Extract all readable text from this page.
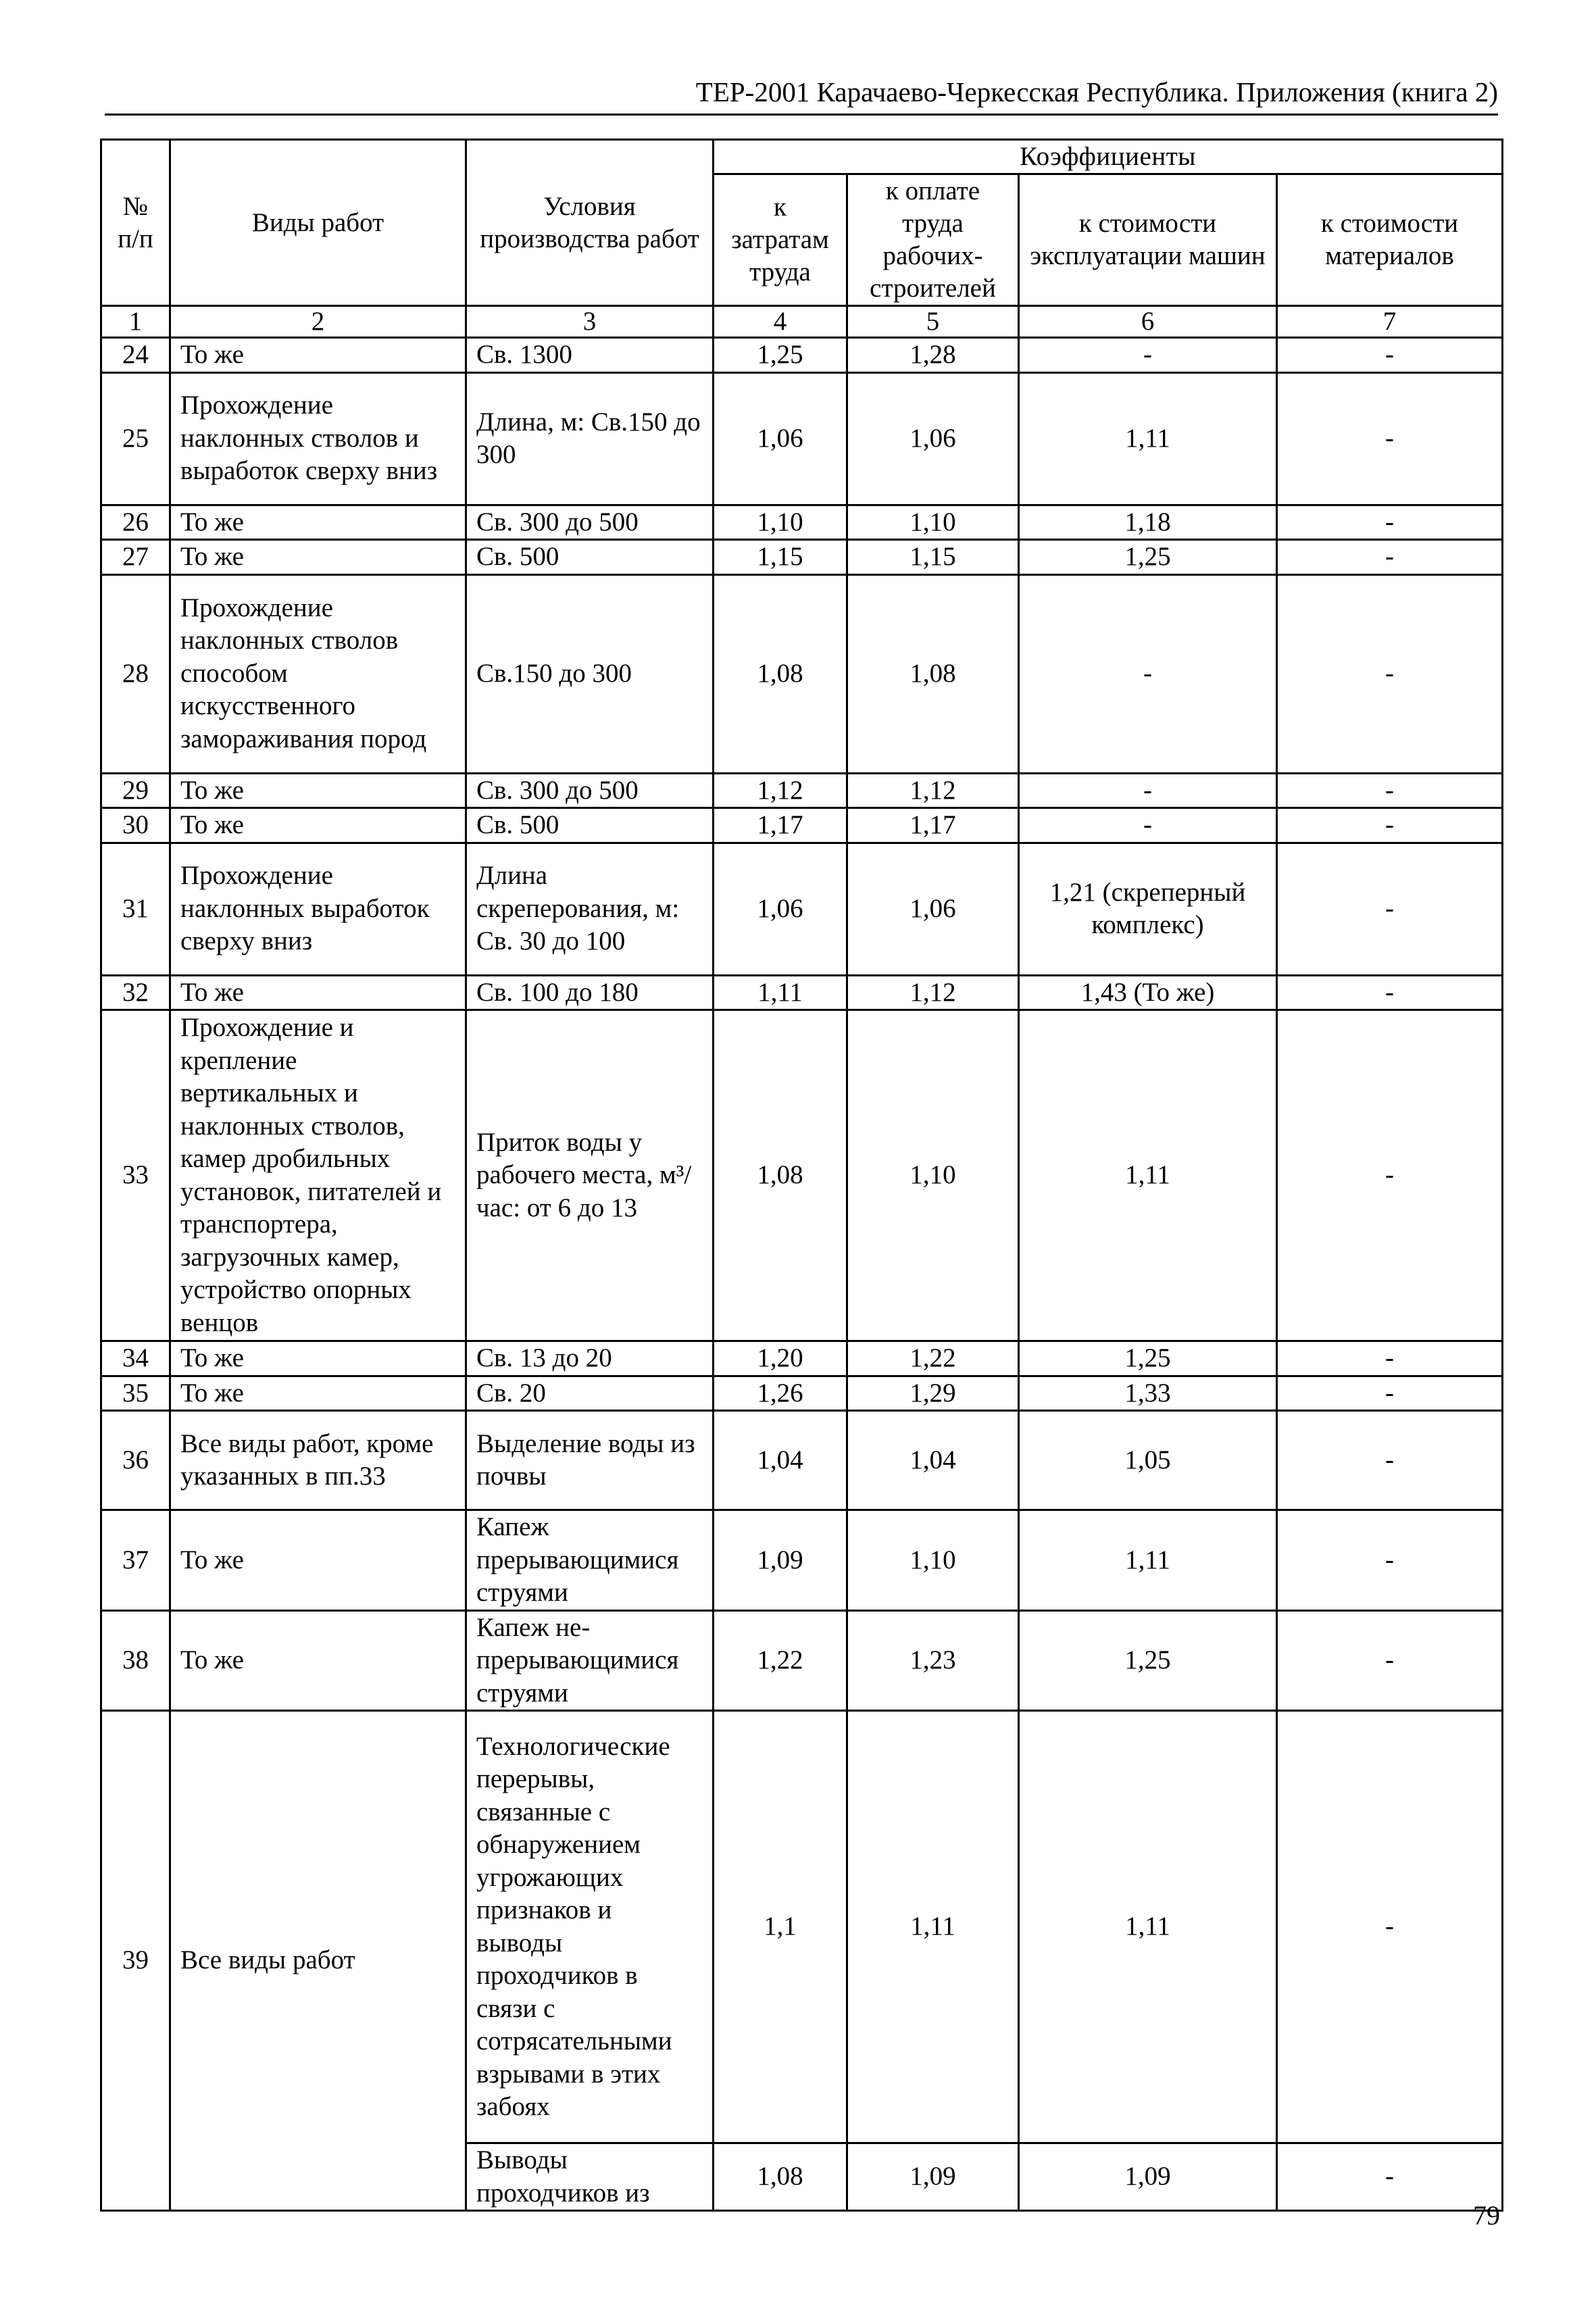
ТЕР-2001 Карачаево-Черкесская Республика. Приложения (книга 2)
№ п/п	Виды работ	Условия производства работ	Коэффициенты			
			к затратам труда	к оплате труда рабочих-строителей	к стоимости эксплуатации машин	к стоимости материалов
1	2	3	4	5	6	7
24	То же	Св. 1300	1,25	1,28	-	-
25	Прохождение наклонных стволов и выработок сверху вниз	Длина, м: Св.150 до 300	1,06	1,06	1,11	-
26	То же	Св. 300 до 500	1,10	1,10	1,18	-
27	То же	Св. 500	1,15	1,15	1,25	-
28	Прохождение наклонных стволов способом искусственного замораживания пород	Св.150 до 300	1,08	1,08	-	-
29	То же	Св. 300 до 500	1,12	1,12	-	-
30	То же	Св. 500	1,17	1,17	-	-
31	Прохождение наклонных выработок сверху вниз	Длина скреперования, м: Св. 30 до 100	1,06	1,06	1,21 (скреперный комплекс)	-
32	То же	Св. 100 до 180	1,11	1,12	1,43 (То же)	-
33	Прохождение и крепление вертикальных и наклонных стволов, камер дробильных установок, питателей и транспортера, загрузочных камер, устройство опорных венцов	Приток воды у рабочего места, м³/час: от 6 до 13	1,08	1,10	1,11	-
34	То же	Св. 13 до 20	1,20	1,22	1,25	-
35	То же	Св. 20	1,26	1,29	1,33	-
36	Все виды работ, кроме указанных в пп.33	Выделение воды из почвы	1,04	1,04	1,05	-
37	То же	Капеж прерывающимися струями	1,09	1,10	1,11	-
38	То же	Капеж не-прерывающимися струями	1,22	1,23	1,25	-
39	Все виды работ	Технологические перерывы, связанные с обнаружением угрожающих признаков и выводы проходчиков в связи с сотрясательными взрывами в этих забоях	1,1	1,11	1,11	-
		Выводы проходчиков из	1,08	1,09	1,09	-
79
